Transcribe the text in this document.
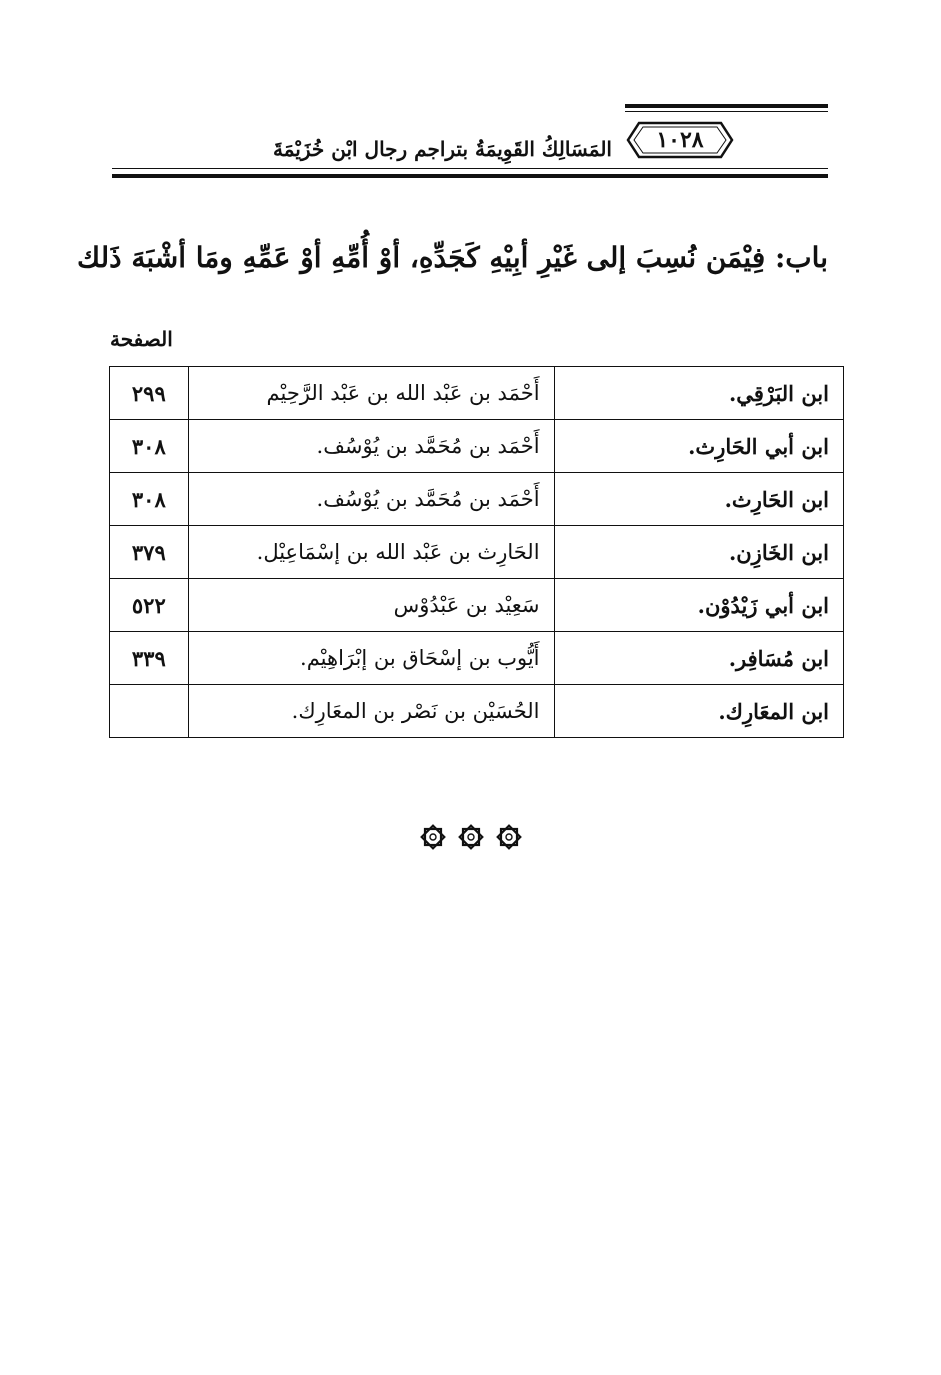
١٠٢٨
المَسَالِكُ القَوِيمَةُ بتراجم رجال ابْن خُزَيْمَةَ
باب: فِيْمَن نُسِبَ إلى غَيْرِ أبِيْهِ كَجَدِّهِ، أوْ أُمِّهِ أوْ عَمِّهِ ومَا أشْبَهَ ذَلك
الصفحة
ابن البَرْقِي.	أَحْمَد بن عَبْد الله بن عَبْد الرَّحِيْم	٢٩٩
ابن أبي الحَارِث.	أَحْمَد بن مُحَمَّد بن يُوْسُف.	٣٠٨
ابن الحَارِث.	أَحْمَد بن مُحَمَّد بن يُوْسُف.	٣٠٨
ابن الخَازِن.	الحَارِث بن عَبْد الله بن إسْمَاعِيْل.	٣٧٩
ابن أبي زَيْدُوْن.	سَعِيْد بن عَبْدُوْس	٥٢٢
ابن مُسَافِر.	أَيُّوب بن إسْحَاق بن إبْرَاهِيْم.	٣٣٩
ابن المعَارِك.	الحُسَيْن بن نَصْر بن المعَارِك.	
